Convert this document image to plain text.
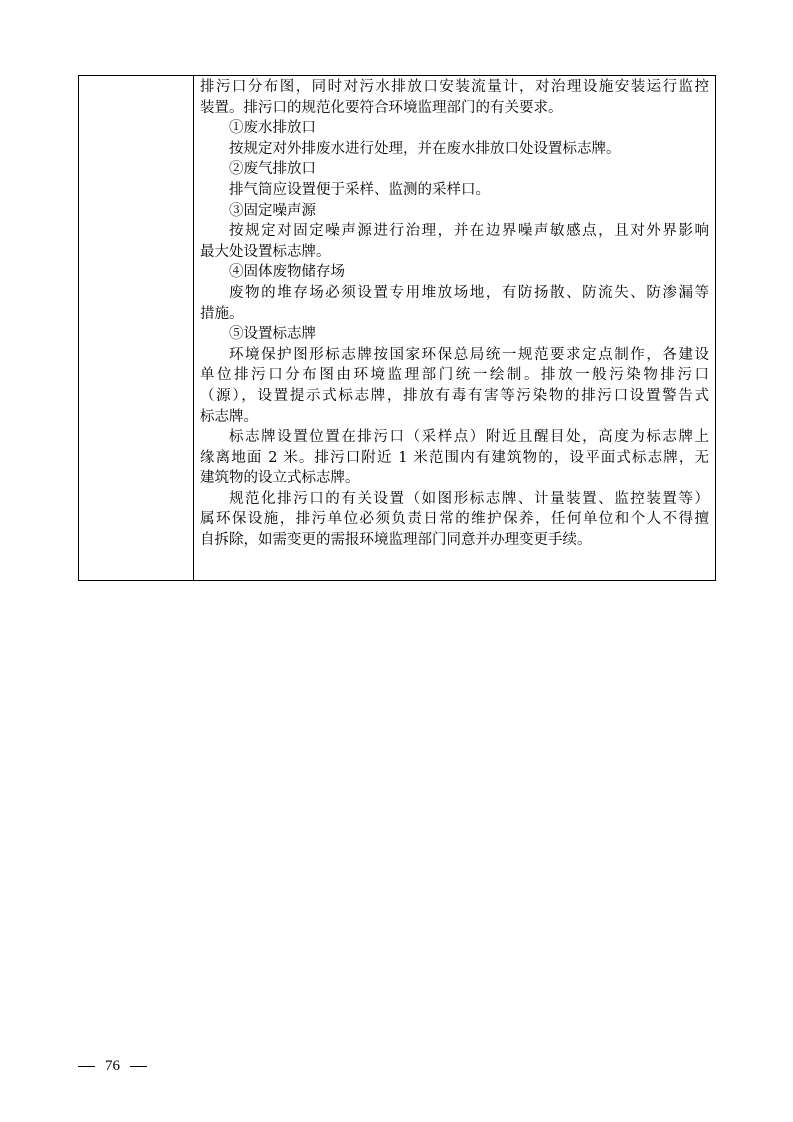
排污口分布图，同时对污水排放口安装流量计，对治理设施安装运行监控
装置。排污口的规范化要符合环境监理部门的有关要求。
①废水排放口
按规定对外排废水进行处理，并在废水排放口处设置标志牌。
②废气排放口
排气筒应设置便于采样、监测的采样口。
③固定噪声源
按规定对固定噪声源进行治理，并在边界噪声敏感点，且对外界影响
最大处设置标志牌。
④固体废物储存场
废物的堆存场必须设置专用堆放场地，有防扬散、防流失、防渗漏等
措施。
⑤设置标志牌
环境保护图形标志牌按国家环保总局统一规范要求定点制作，各建设
单位排污口分布图由环境监理部门统一绘制。排放一般污染物排污口
（源），设置提示式标志牌，排放有毒有害等污染物的排污口设置警告式
标志牌。
标志牌设置位置在排污口（采样点）附近且醒目处，高度为标志牌上
缘离地面 2 米。排污口附近 1 米范围内有建筑物的，设平面式标志牌，无
建筑物的设立式标志牌。
规范化排污口的有关设置（如图形标志牌、计量装置、监控装置等）
属环保设施，排污单位必须负责日常的维护保养，任何单位和个人不得擅
自拆除，如需变更的需报环境监理部门同意并办理变更手续。
76
